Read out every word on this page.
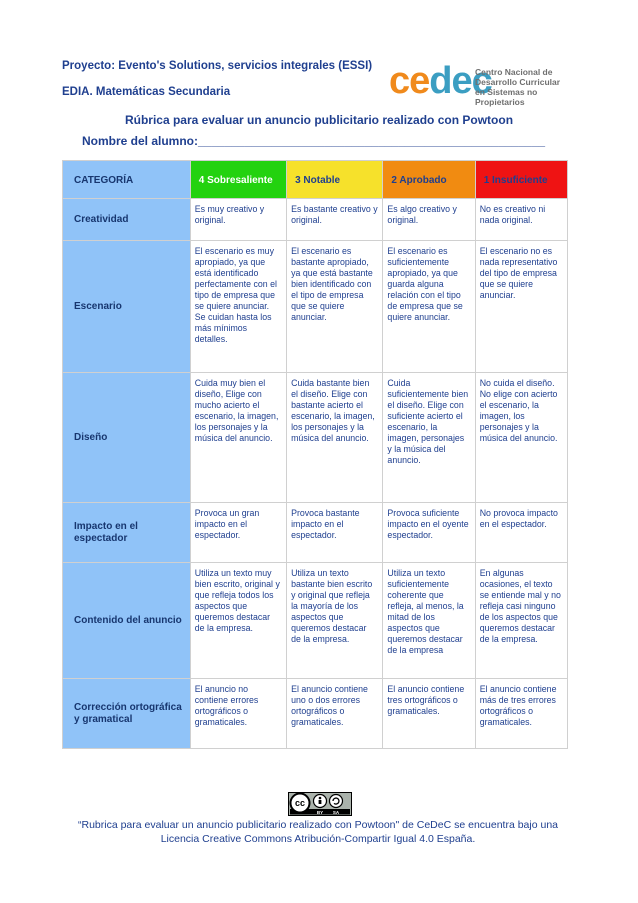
Proyecto: Evento's Solutions, servicios integrales (ESSI)
EDIA. Matemáticas Secundaria	cedec
Centro Nacional de
Desarrollo Curricular
en Sistemas no Propietarios
Rúbrica para evaluar un anuncio publicitario realizado con Powtoon
Nombre del alumno:____________________________________________________
CATEGORÍA	4 Sobresaliente	3 Notable	2 Aprobado	1 Insuficiente
Creatividad	Es muy creativo y original.	Es bastante creativo y original.	Es algo creativo y original.	No es creativo ni nada original.
Escenario	El escenario es muy apropiado, ya que está identificado perfectamente con el tipo de empresa que se quiere anunciar. Se cuidan hasta los más mínimos detalles.	El escenario es bastante apropiado, ya que está bastante bien identificado con el tipo de empresa que se quiere anunciar.	El escenario es suficientemente apropiado, ya que guarda alguna relación con el tipo de empresa que se quiere anunciar.	El escenario no es nada representativo del tipo de empresa que se quiere anunciar.
Diseño	Cuida muy bien el diseño, Elige con mucho acierto el escenario, la imagen, los personajes y la música del anuncio.	Cuida bastante bien el diseño. Elige con bastante acierto el escenario, la imagen, los personajes y la música del anuncio.	Cuida suficientemente bien el diseño. Elige con suficiente acierto el escenario, la imagen, personajes y la música del anuncio.	No cuida el diseño. No elige con acierto el escenario, la imagen, los personajes y la música del anuncio.
Impacto en el espectador	Provoca un gran impacto en el espectador.	Provoca bastante impacto en el espectador.	Provoca suficiente impacto en el oyente espectador.	No provoca impacto en el espectador.
Contenido del anuncio	Utiliza un texto muy bien escrito, original y que refleja todos los aspectos que queremos destacar de la empresa.	Utiliza un texto bastante bien escrito y original que refleja la mayoría de los aspectos que queremos destacar de la empresa.	Utiliza un texto suficientemente coherente que refleja, al menos, la mitad de los aspectos que queremos destacar de la empresa	En algunas ocasiones, el texto se entiende mal y no refleja casi ninguno de los aspectos que queremos destacar de la empresa.
Corrección ortográfica y gramatical	El anuncio no contiene errores ortográficos o gramaticales.	El anuncio contiene uno o dos errores ortográficos o gramaticales.	El anuncio contiene tres ortográficos o gramaticales.	El anuncio contiene más de tres errores ortográficos o gramaticales.
cc
BY SA
“Rubrica para evaluar un anuncio publicitario realizado con Powtoon" de CeDeC se encuentra bajo una
Licencia Creative Commons Atribución-Compartir Igual 4.0 España.
